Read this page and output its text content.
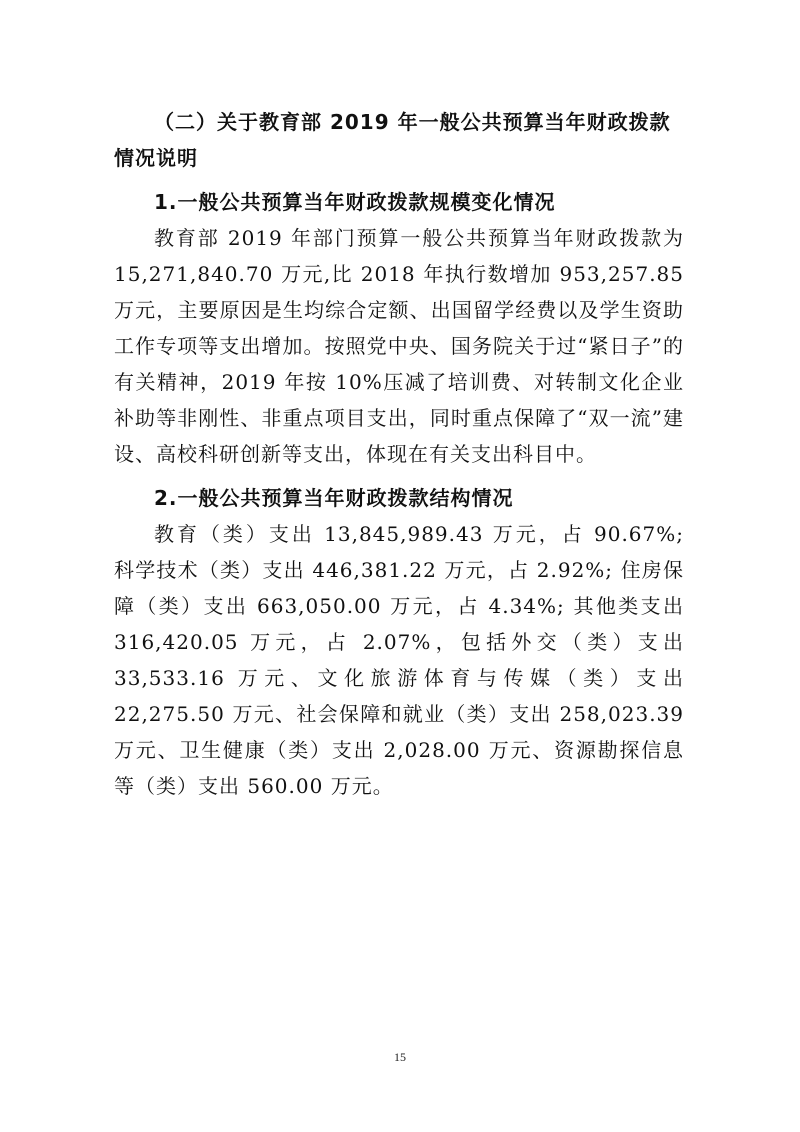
（二）关于教育部 2019 年一般公共预算当年财政拨款情况说明
1.一般公共预算当年财政拨款规模变化情况

教育部 2019 年部门预算一般公共预算当年财政拨款为 15,271,840.70 万元,比 2018 年执行数增加 953,257.85 万元，主要原因是生均综合定额、出国留学经费以及学生资助工作专项等支出增加。按照党中央、国务院关于过“紧日子”的有关精神，2019 年按 10%压减了培训费、对转制文化企业补助等非刚性、非重点项目支出，同时重点保障了“双一流”建设、高校科研创新等支出，体现在有关支出科目中。

2.一般公共预算当年财政拨款结构情况

教育（类）支出 13,845,989.43 万元，占 90.67%; 科学技术（类）支出 446,381.22 万元，占 2.92%; 住房保障（类）支出 663,050.00 万元，占 4.34%; 其他类支出 316,420.05 万元，占 2.07%，包括外交（类）支出 33,533.16 万元、文化旅游体育与传媒（类）支出 22,275.50 万元、社会保障和就业（类）支出 258,023.39 万元、卫生健康（类）支出 2,028.00 万元、资源勘探信息等（类）支出 560.00 万元。

15
